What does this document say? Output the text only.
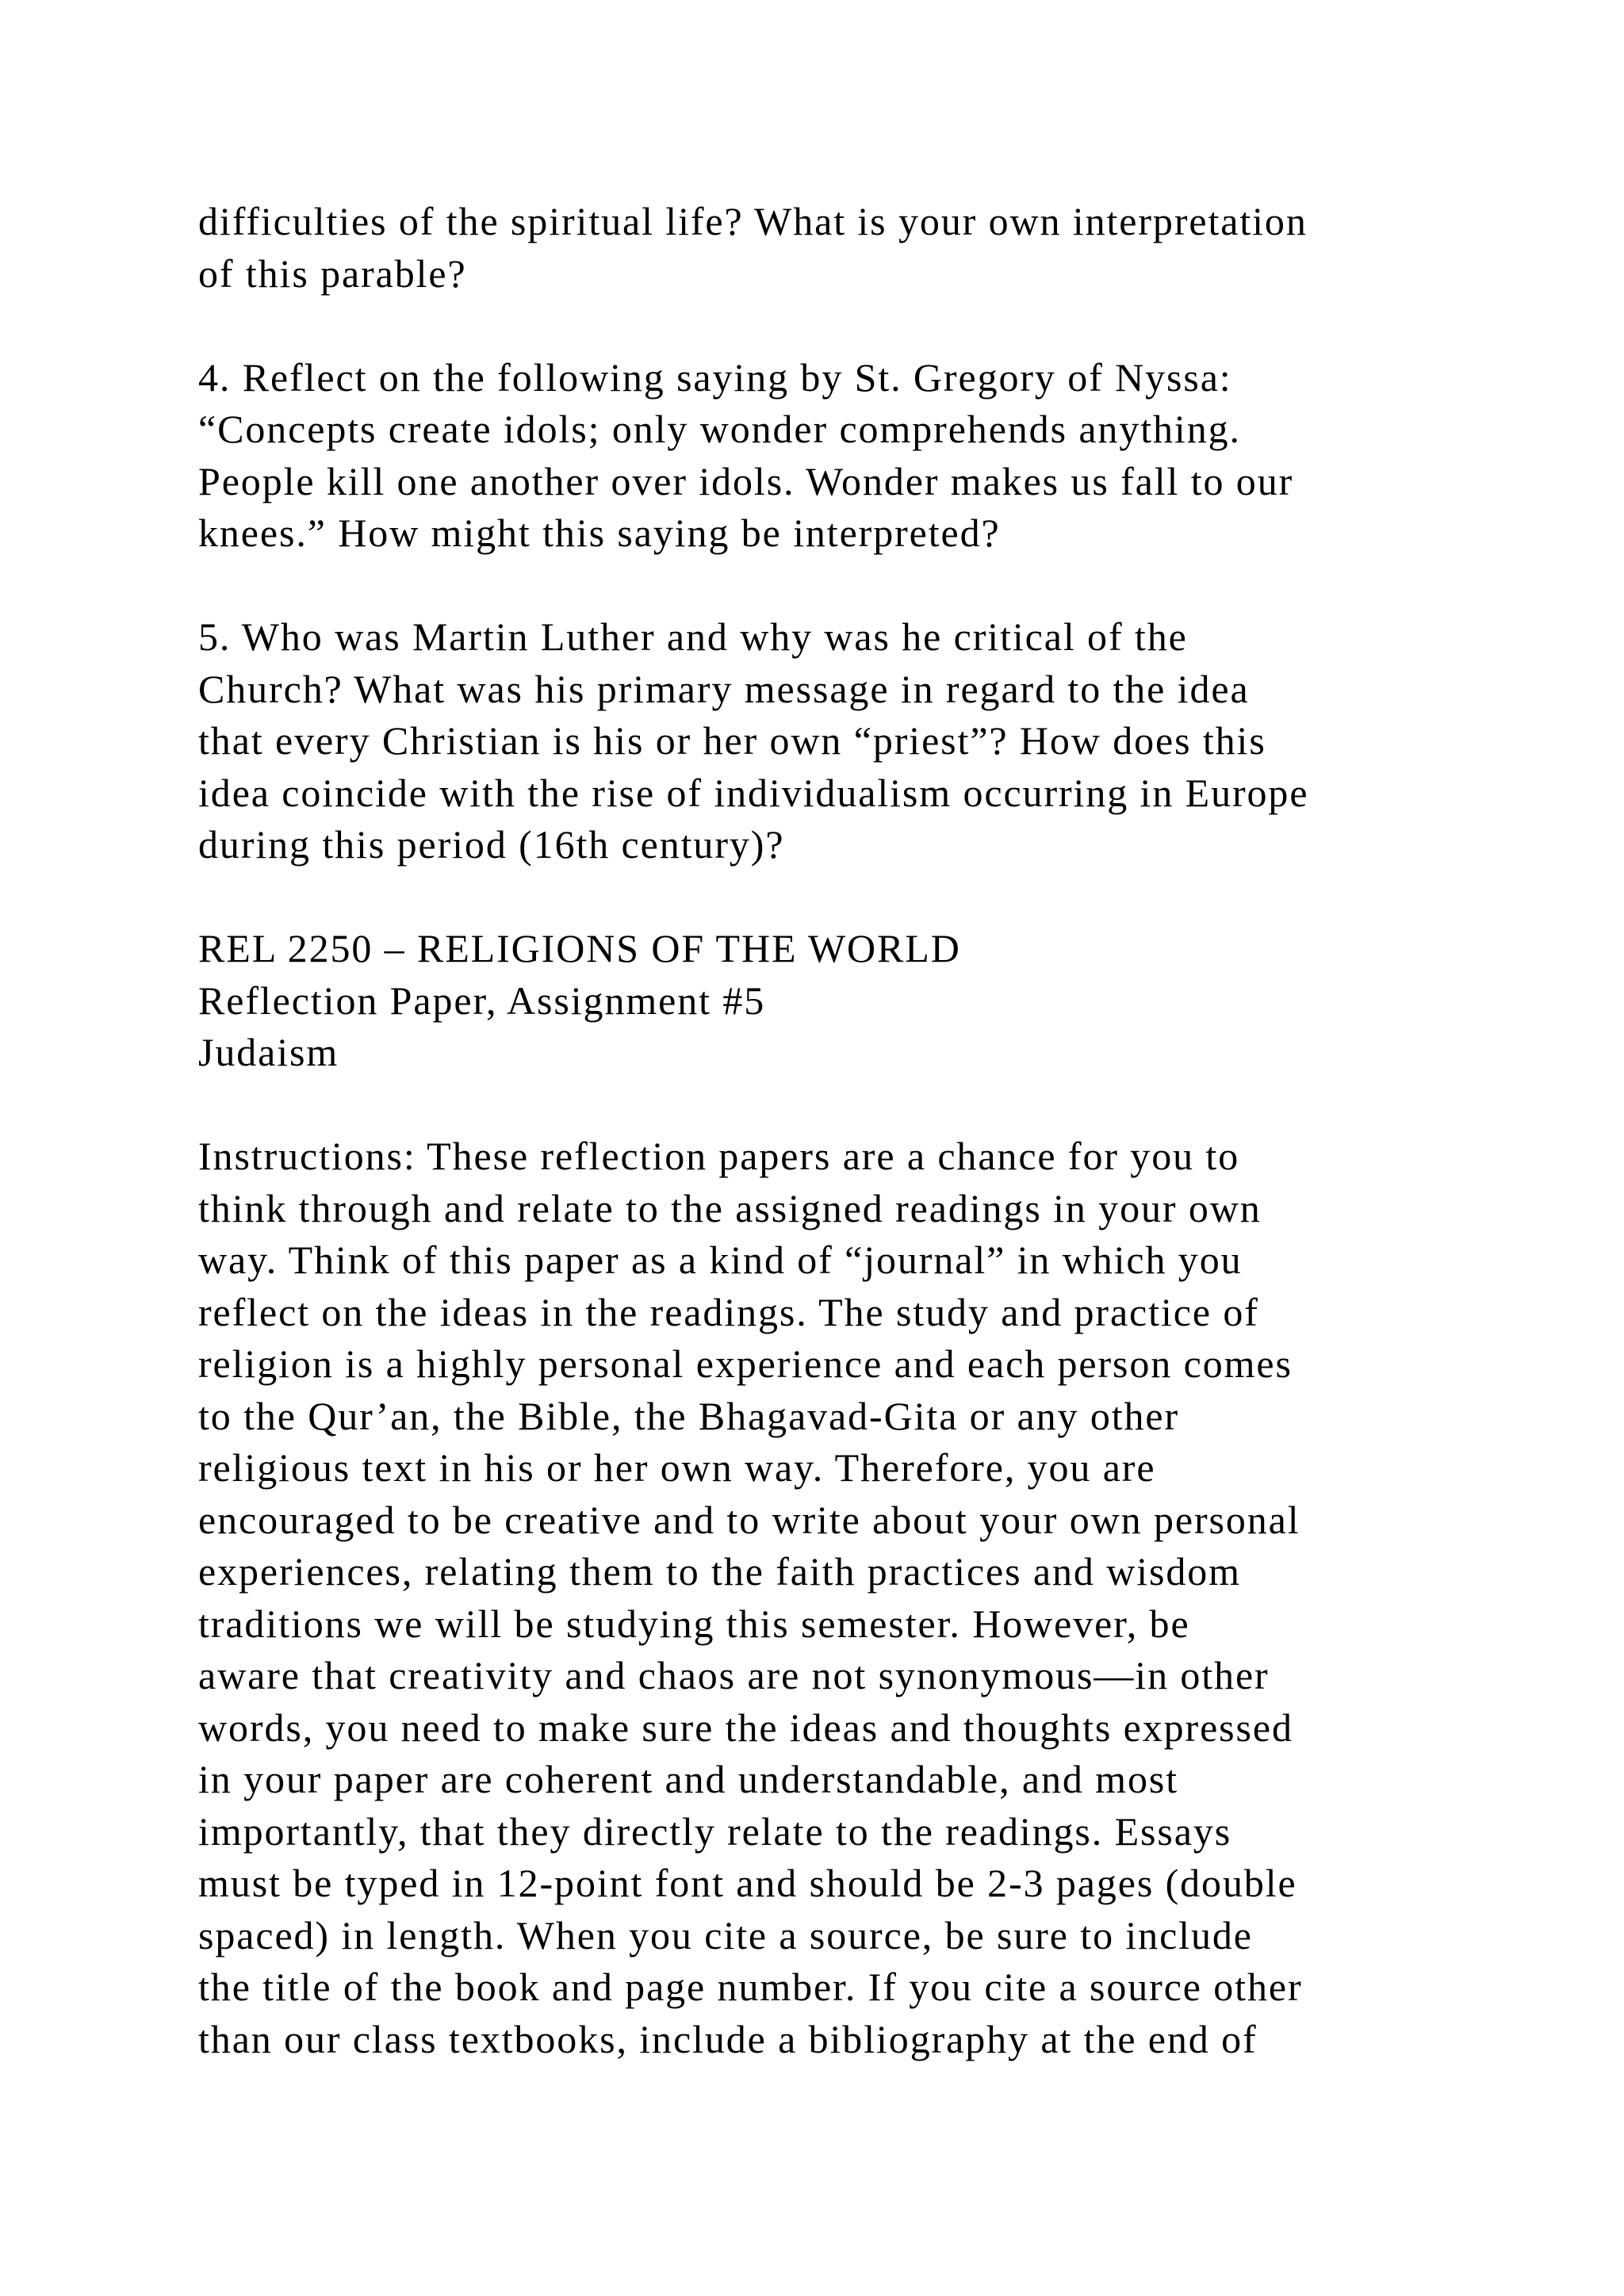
difficulties of the spiritual life? What is your own interpretation
of this parable?
4. Reflect on the following saying by St. Gregory of Nyssa:
“Concepts create idols; only wonder comprehends anything.
People kill one another over idols. Wonder makes us fall to our
knees.” How might this saying be interpreted?
5. Who was Martin Luther and why was he critical of the
Church? What was his primary message in regard to the idea
that every Christian is his or her own “priest”? How does this
idea coincide with the rise of individualism occurring in Europe
during this period (16th century)?
REL 2250 – RELIGIONS OF THE WORLD
Reflection Paper, Assignment #5
Judaism
Instructions: These reflection papers are a chance for you to
think through and relate to the assigned readings in your own
way. Think of this paper as a kind of “journal” in which you
reflect on the ideas in the readings. The study and practice of
religion is a highly personal experience and each person comes
to the Qur’an, the Bible, the Bhagavad-Gita or any other
religious text in his or her own way. Therefore, you are
encouraged to be creative and to write about your own personal
experiences, relating them to the faith practices and wisdom
traditions we will be studying this semester. However, be
aware that creativity and chaos are not synonymous—in other
words, you need to make sure the ideas and thoughts expressed
in your paper are coherent and understandable, and most
importantly, that they directly relate to the readings. Essays
must be typed in 12-point font and should be 2-3 pages (double
spaced) in length. When you cite a source, be sure to include
the title of the book and page number. If you cite a source other
than our class textbooks, include a bibliography at the end of
